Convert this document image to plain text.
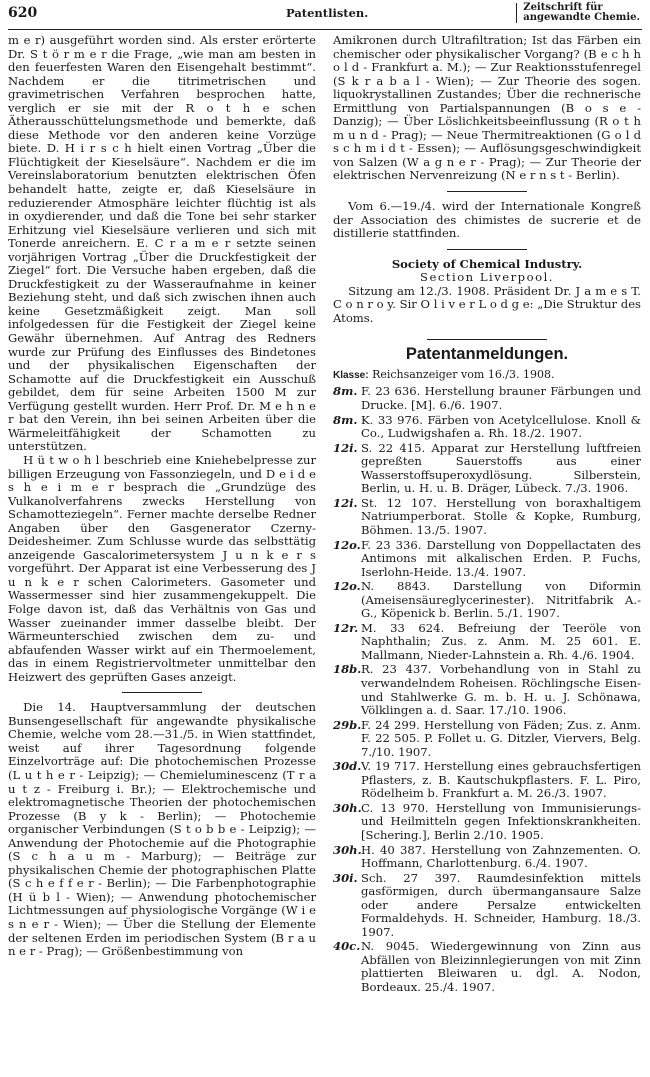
620	Patentlisten.	Zeitschrift für
angewandte Chemie.

m e r) ausgeführt worden sind. Als erster erörterte Dr. S t ö r m e r die Frage, „wie man am besten in den feuerfesten Waren den Eisengehalt bestimmt“. Nachdem er die titrimetrischen und gravimetrischen Verfahren besprochen hatte, verglich er sie mit der R o t h e schen Ätherausschüttelungsmethode und bemerkte, daß diese Methode vor den anderen keine Vorzüge biete. D. H i r s c h hielt einen Vortrag „Über die Flüchtigkeit der Kieselsäure“. Nachdem er die im Vereinslaboratorium benutzten elektrischen Öfen behandelt hatte, zeigte er, daß Kieselsäure in reduzierender Atmosphäre leichter flüchtig ist als in oxydierender, und daß die Tone bei sehr starker Erhitzung viel Kieselsäure verlieren und sich mit Tonerde anreichern. E. C r a m e r setzte seinen vorjährigen Vortrag „Über die Druckfestigkeit der Ziegel“ fort. Die Versuche haben ergeben, daß die Druckfestigkeit zu der Wasseraufnahme in keiner Beziehung steht, und daß sich zwischen ihnen auch keine Gesetzmäßigkeit zeigt. Man soll infolgedessen für die Festigkeit der Ziegel keine Gewähr übernehmen. Auf Antrag des Redners wurde zur Prüfung des Einflusses des Bindetones und der physikalischen Eigenschaften der Schamotte auf die Druckfestigkeit ein Ausschuß gebildet, dem für seine Arbeiten 1500 M zur Verfügung gestellt wurden. Herr Prof. Dr. M e h n e r bat den Verein, ihn bei seinen Arbeiten über die Wärmeleitfähigkeit der Schamotten zu unterstützen.

H ü t w o h l beschrieb eine Kniehebelpresse zur billigen Erzeugung von Fassonziegeln, und D e i d e s h e i m e r besprach die „Grundzüge des Vulkanolverfahrens zwecks Herstellung von Schamotteziegeln“. Ferner machte derselbe Redner Angaben über den Gasgenerator Czerny-Deidesheimer. Zum Schlusse wurde das selbsttätig anzeigende Gascalorimetersystem J u n k e r s vorgeführt. Der Apparat ist eine Verbesserung des J u n k e r schen Calorimeters. Gasometer und Wassermesser sind hier zusammengekuppelt. Die Folge davon ist, daß das Verhältnis von Gas und Wasser zueinander immer dasselbe bleibt. Der Wärmeunterschied zwischen dem zu- und abfaufenden Wasser wirkt auf ein Thermoelement, das in einem Registriervoltmeter unmittelbar den Heizwert des geprüften Gases anzeigt.

Die 14. Hauptversammlung der deutschen Bunsengesellschaft für angewandte physikalische Chemie, welche vom 28.—31./5. in Wien stattfindet, weist auf ihrer Tagesordnung folgende Einzelvorträge auf: Die photochemischen Prozesse (L u t h e r - Leipzig); — Chemieluminescenz (T r a u t z - Freiburg i. Br.); — Elektrochemische und elektromagnetische Theorien der photochemischen Prozesse (B y k - Berlin); — Photochemie organischer Verbindungen (S t o b b e - Leipzig); — Anwendung der Photochemie auf die Photographie (S c h a u m - Marburg); — Beiträge zur physikalischen Chemie der photographischen Platte (S c h e f f e r - Berlin); — Die Farbenphotographie (H ü b l - Wien); — Anwendung photochemischer Lichtmessungen auf physiologische Vorgänge (W i e s n e r - Wien); — Über die Stellung der Elemente der seltenen Erden im periodischen System (B r a u n e r - Prag); — Größenbestimmung von

Amikronen durch Ultrafiltration; Ist das Färben ein chemischer oder physikalischer Vorgang? (B e c h h o l d - Frankfurt a. M.); — Zur Reaktionsstufenregel (S k r a b a l - Wien); — Zur Theorie des sogen. liquokrystallinen Zustandes; Über die rechnerische Ermittlung von Partialspannungen (B o s e - Danzig); — Über Löslichkeitsbeeinflussung (R o t h m u n d - Prag); — Neue Thermitreaktionen (G o l d s c h m i d t - Essen); — Auflösungsgeschwindigkeit von Salzen (W a g n e r - Prag); — Zur Theorie der elektrischen Nervenreizung (N e r n s t - Berlin).

Vom 6.—19./4. wird der Internationale Kongreß der Association des chimistes de sucrerie et de distillerie stattfinden.

Society of Chemical Industry.

Section Liverpool.

Sitzung am 12./3. 1908. Präsident Dr. J a m e s T. C o n r o y. Sir O l i v e r L o d g e: „Die Struktur des Atoms.

Patentanmeldungen.
Klasse: Reichsanzeiger vom 16./3. 1908.
8m. F. 23 636. Herstellung brauner Färbungen und Drucke. [M]. 6./6. 1907.
8m. K. 33 976. Färben von Acetylcellulose. Knoll & Co., Ludwigshafen a. Rh. 18./2. 1907.
12i. S. 22 415. Apparat zur Herstellung luftfreien gepreßten Sauerstoffs aus einer Wasserstoffsuperoxydlösung. Silberstein, Berlin, u. H. u. B. Dräger, Lübeck. 7./3. 1906.
12i. St. 12 107. Herstellung von boraxhaltigem Natriumperborat. Stolle & Kopke, Rumburg, Böhmen. 13./5. 1907.
12o. F. 23 336. Darstellung von Doppellactaten des Antimons mit alkalischen Erden. P. Fuchs, Iserlohn-Heide. 13./4. 1907.
12o. N. 8843. Darstellung von Diformin (Ameisensäureglycerinester). Nitritfabrik A.-G., Köpenick b. Berlin. 5./1. 1907.
12r. M. 33 624. Befreiung der Teeröle von Naphthalin; Zus. z. Anm. M. 25 601. E. Mallmann, Nieder-Lahnstein a. Rh. 4./6. 1904.
18b. R. 23 437. Vorbehandlung von in Stahl zu verwandelndem Roheisen. Röchlingsche Eisen- und Stahlwerke G. m. b. H. u. J. Schönawa, Völklingen a. d. Saar. 17./10. 1906.
29b. F. 24 299. Herstellung von Fäden; Zus. z. Anm. F. 22 505. P. Follet u. G. Ditzler, Viervers, Belg. 7./10. 1907.
30d. V. 19 717. Herstellung eines gebrauchsfertigen Pflasters, z. B. Kautschukpflasters. F. L. Piro, Rödelheim b. Frankfurt a. M. 26./3. 1907.
30h. C. 13 970. Herstellung von Immunisierungs- und Heilmitteln gegen Infektionskrankheiten. [Schering.], Berlin 2./10. 1905.
30h. H. 40 387. Herstellung von Zahnzementen. O. Hoffmann, Charlottenburg. 6./4. 1907.
30i. Sch. 27 397. Raumdesinfektion mittels gasförmigen, durch übermangansaure Salze oder andere Persalze entwickelten Formaldehyds. H. Schneider, Hamburg. 18./3. 1907.
40c. N. 9045. Wiedergewinnung von Zinn aus Abfällen von Bleizinnlegierungen von mit Zinn plattierten Bleiwaren u. dgl. A. Nodon, Bordeaux. 25./4. 1907.
